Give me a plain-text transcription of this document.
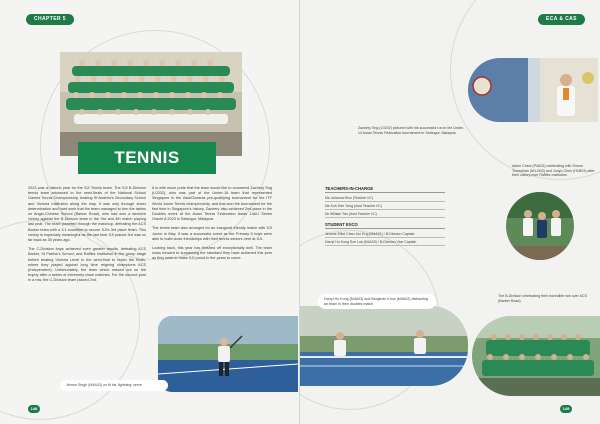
CHAPTER 5
TENNIS

2023 was a historic year for the SJI Tennis team. The SJI B-Division tennis team advanced to the semi-finals of the National School Games Tennis Championship, beating St Andrew's Secondary School and Victoria Institution along the way. It was only through sheer determination and hard work that the team managed to turn the tables on Anglo-Chinese School (Barker Road), who had won a decisive victory against the B-Division team in the 3rd and 4th match playing last year. The team powered through the matchup, defeating the ACS Barker team with a 3-1 scoreline to secure SJI's 3rd place finish. This victory is especially meaningful as the last time SJI placed 3rd was so far back as 30 years ago.

The C-Division boys achieved even greater results, defeating ACS Barker, St Patrick's School, and Raffles Institution in the group stage before beating Victoria Level in the semi-final to reach the finals, where they played against long time reigning champions ACS (Independent). Unfortunately, the team which missed out on the trophy after a series of extremely close matches. For the second year in a row, the C-Division team placed 2nd.

It is with much pride that the team would like to commend Zachery Sng (L0202), who was part of the Under-16 team that represented Singapore in the Asia/Oceania pre-qualifying tournament for the ITF World Junior Tennis championship, and that won the tournament for the first time in Singapore's history. Zachery also achieved 2nd place in the Doubles event at the Asian Tennis Federation Asian 14&U Series Oracle A 2023 in Selangor, Malaysia.

The tennis team also arranged for an inaugural friendly match with SJI Junior in May. It was a successful event as the Primary 6 boys were able to build close friendships with their tennis seniors here at SJI.

Looking back, this year has finished off exceptionally well. The team looks forward to surpassing the standard they have achieved this year as they seek to make SJI proud in the years to come.

Jerone Singh (M4A03) on fit his 'lightning' serve
148
ECA & CAS
Zachery Sng (L0202) pictured with his successful run in the Under-14 Asian Tennis Federation tournament in Selangor, Malaysia
Aiden Chew (P4A03) celebrating with Simon Tnesuthan (M1-B03) and Junyu Chen (H1B03) after their victory over Raffles Institution
TEACHERS-IN-CHARGE
Ms Julianna Woo (Teacher I/C)
Ms Koh Dee Yong (Asst Teacher I/C)
Mr William Tan (Asst Teacher I/C)
STUDENT EXCO
Jerome Elliot Chan Jun Eng (M4A01) / B-Division Captain
Darryl Ho Kong Sze Lok (M4A03) / B-Division Vice Captain
Darryl Ho Kong (M4A03) and Benjamin Khoo (M4A02) distracting an team in their doubles match
The B-Division celebrating their incredible win over ACS (Barker Road)
149
